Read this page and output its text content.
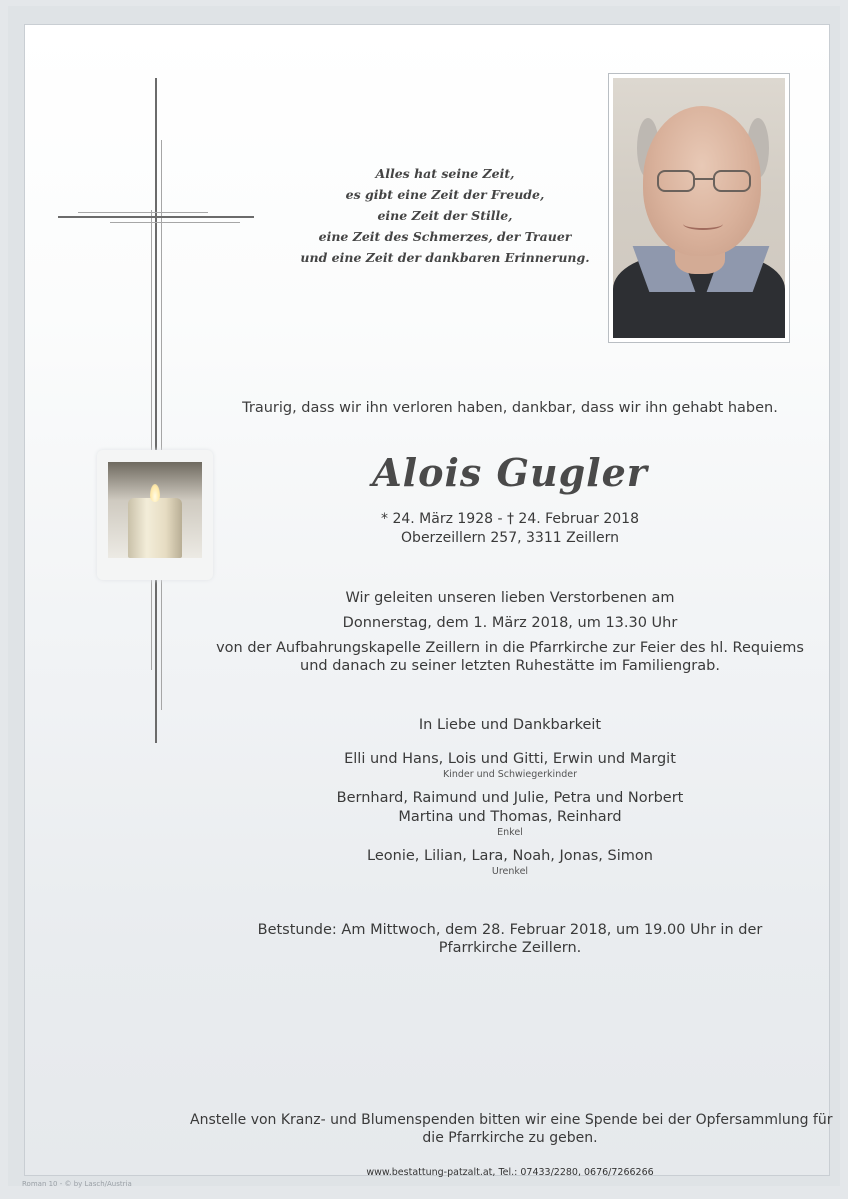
Alles hat seine Zeit,
es gibt eine Zeit der Freude,
eine Zeit der Stille,
eine Zeit des Schmerzes, der Trauer
und eine Zeit der dankbaren Erinnerung.
Traurig, dass wir ihn verloren haben, dankbar, dass wir ihn gehabt haben.
Alois Gugler
* 24. März 1928 - † 24. Februar 2018
Oberzeillern 257, 3311 Zeillern
Wir geleiten unseren lieben Verstorbenen am
Donnerstag, dem 1. März 2018, um 13.30 Uhr
von der Aufbahrungskapelle Zeillern in die Pfarrkirche zur Feier des hl. Requiems
und danach zu seiner letzten Ruhestätte im Familiengrab.
In Liebe und Dankbarkeit
Elli und Hans, Lois und Gitti, Erwin und Margit
Kinder und Schwiegerkinder
Bernhard, Raimund und Julie, Petra und Norbert
Martina und Thomas, Reinhard
Enkel
Leonie, Lilian, Lara, Noah, Jonas, Simon
Urenkel
Betstunde: Am Mittwoch, dem 28. Februar 2018, um 19.00 Uhr in der
Pfarrkirche Zeillern.
Anstelle von Kranz- und Blumenspenden bitten wir eine Spende bei der Opfersammlung für
die Pfarrkirche zu geben.
www.bestattung-patzalt.at, Tel.: 07433/2280, 0676/7266266
Roman 10 - © by Lasch/Austria
